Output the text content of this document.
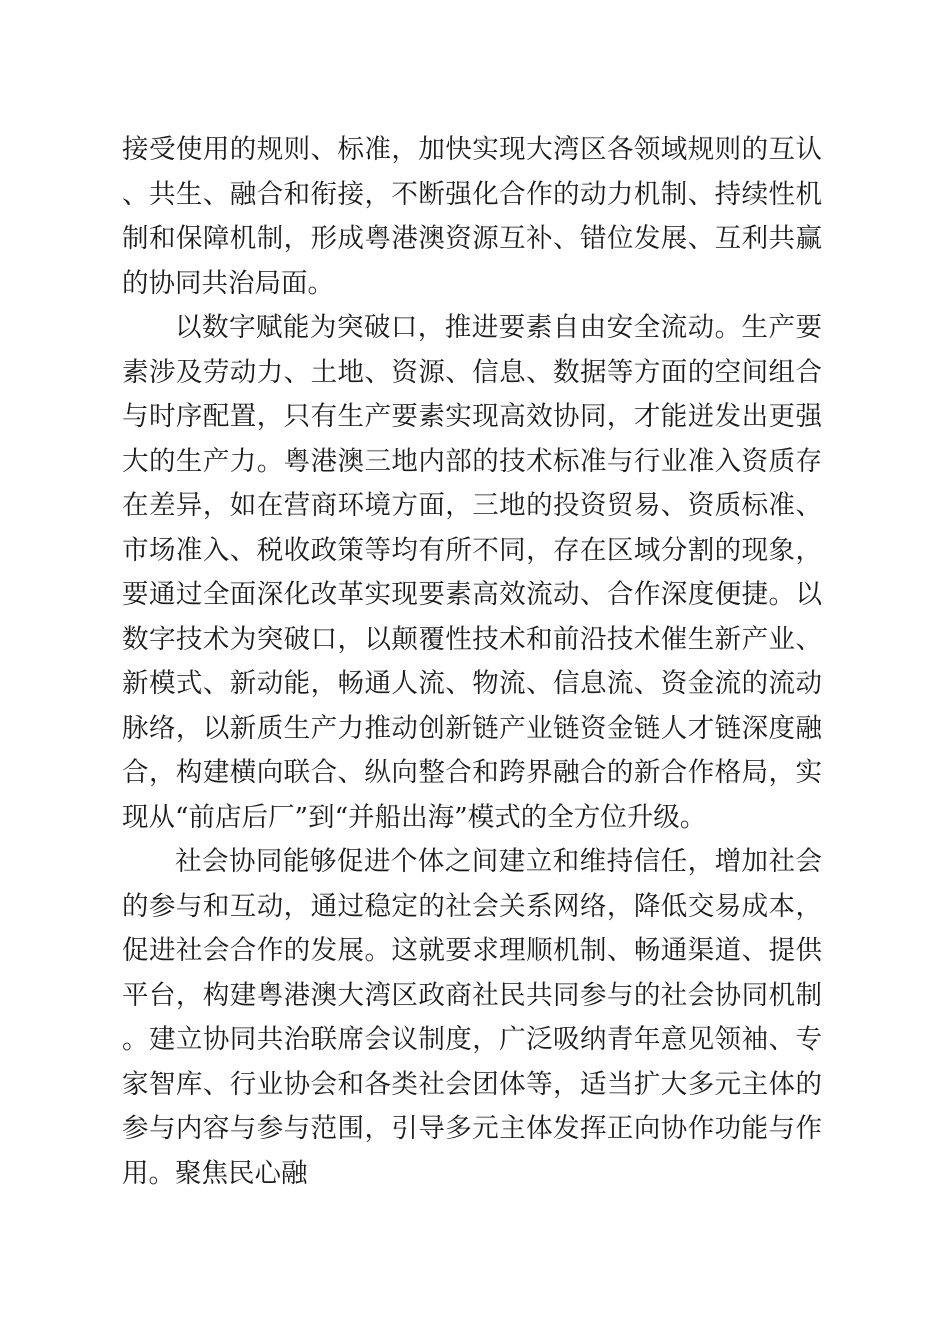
接受使用的规则、标准，加快实现大湾区各领域规则的互认、共生、融合和衔接，不断强化合作的动力机制、持续性机制和保障机制，形成粤港澳资源互补、错位发展、互利共赢的协同共治局面。

以数字赋能为突破口，推进要素自由安全流动。生产要素涉及劳动力、土地、资源、信息、数据等方面的空间组合与时序配置，只有生产要素实现高效协同，才能迸发出更强大的生产力。粤港澳三地内部的技术标准与行业准入资质存在差异，如在营商环境方面，三地的投资贸易、资质标准、市场准入、税收政策等均有所不同，存在区域分割的现象，要通过全面深化改革实现要素高效流动、合作深度便捷。以数字技术为突破口，以颠覆性技术和前沿技术催生新产业、新模式、新动能，畅通人流、物流、信息流、资金流的流动脉络，以新质生产力推动创新链产业链资金链人才链深度融合，构建横向联合、纵向整合和跨界融合的新合作格局，实现从“前店后厂”到“并船出海”模式的全方位升级。

社会协同能够促进个体之间建立和维持信任，增加社会的参与和互动，通过稳定的社会关系网络，降低交易成本，促进社会合作的发展。这就要求理顺机制、畅通渠道、提供平台，构建粤港澳大湾区政商社民共同参与的社会协同机制。建立协同共治联席会议制度，广泛吸纳青年意见领袖、专家智库、行业协会和各类社会团体等，适当扩大多元主体的参与内容与参与范围，引导多元主体发挥正向协作功能与作用。聚焦民心融
